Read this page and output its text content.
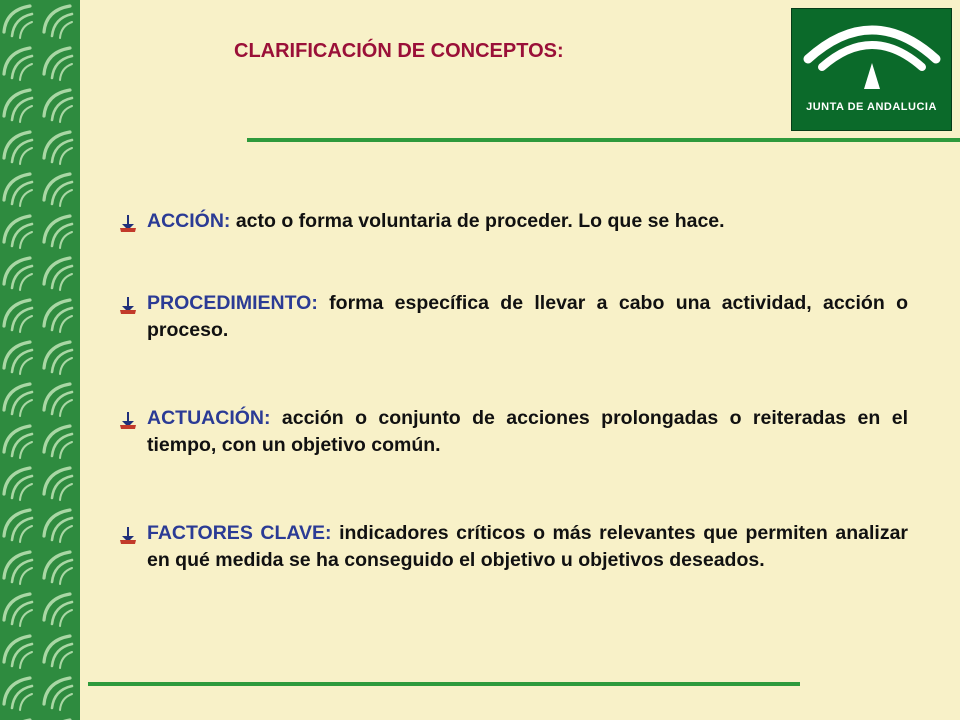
CLARIFICACIÓN DE CONCEPTOS:
JUNTA DE ANDALUCIA
ACCIÓN: acto o forma voluntaria de proceder. Lo que se hace.
PROCEDIMIENTO: forma específica de llevar a cabo una actividad, acción o proceso.
ACTUACIÓN: acción o conjunto de acciones prolongadas o reiteradas en el tiempo, con un objetivo común.
FACTORES CLAVE: indicadores críticos o más relevantes que permiten analizar en qué medida se ha conseguido el objetivo u objetivos deseados.
